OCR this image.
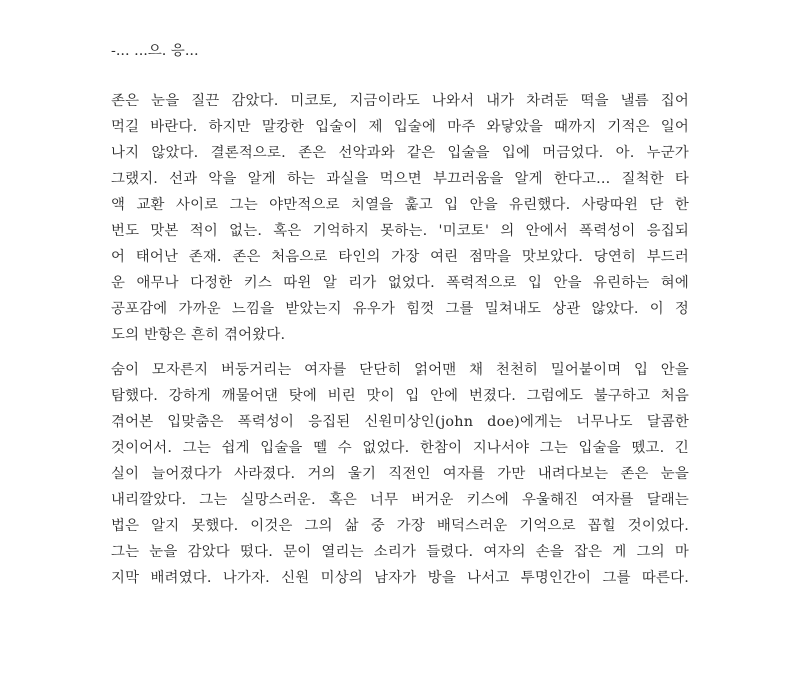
-... ...으. 응...

존은 눈을 질끈 감았다. 미코토, 지금이라도 나와서 내가 차려둔 떡을 낼름 집어

먹길 바란다. 하지만 말캉한 입술이 제 입술에 마주 와닿았을 때까지 기적은 일어

나지 않았다. 결론적으로. 존은 선악과와 같은 입술을 입에 머금었다. 아. 누군가

그랬지. 선과 악을 알게 하는 과실을 먹으면 부끄러움을 알게 한다고... 질척한 타

액 교환 사이로 그는 야만적으로 치열을 훑고 입 안을 유린했다. 사랑따윈 단 한

번도 맛본 적이 없는. 혹은 기억하지 못하는. '미코토' 의 안에서 폭력성이 응집되

어 태어난 존재. 존은 처음으로 타인의 가장 여린 점막을 맛보았다. 당연히 부드러

운 애무나 다정한 키스 따윈 알 리가 없었다. 폭력적으로 입 안을 유린하는 혀에

공포감에 가까운 느낌을 받았는지 유우가 힘껏 그를 밀쳐내도 상관 않았다. 이 정

도의 반항은 흔히 겪어왔다.

숨이 모자른지 버둥거리는 여자를 단단히 얽어맨 채 천천히 밀어붙이며 입 안을

탐했다. 강하게 깨물어댄 탓에 비린 맛이 입 안에 번졌다. 그럼에도 불구하고 처음

겪어본 입맞춤은 폭력성이 응집된 신원미상인(john doe)에게는 너무나도 달콤한

것이어서. 그는 쉽게 입술을 뗄 수 없었다. 한참이 지나서야 그는 입술을 뗐고. 긴

실이 늘어졌다가 사라졌다. 거의 울기 직전인 여자를 가만 내려다보는 존은 눈을

내리깔았다. 그는 실망스러운. 혹은 너무 버거운 키스에 우울해진 여자를 달래는

법은 알지 못했다. 이것은 그의 삶 중 가장 배덕스러운 기억으로 꼽힐 것이었다.

그는 눈을 감았다 떴다. 문이 열리는 소리가 들렸다. 여자의 손을 잡은 게 그의 마

지막 배려였다. 나가자. 신원 미상의 남자가 방을 나서고 투명인간이 그를 따른다.
